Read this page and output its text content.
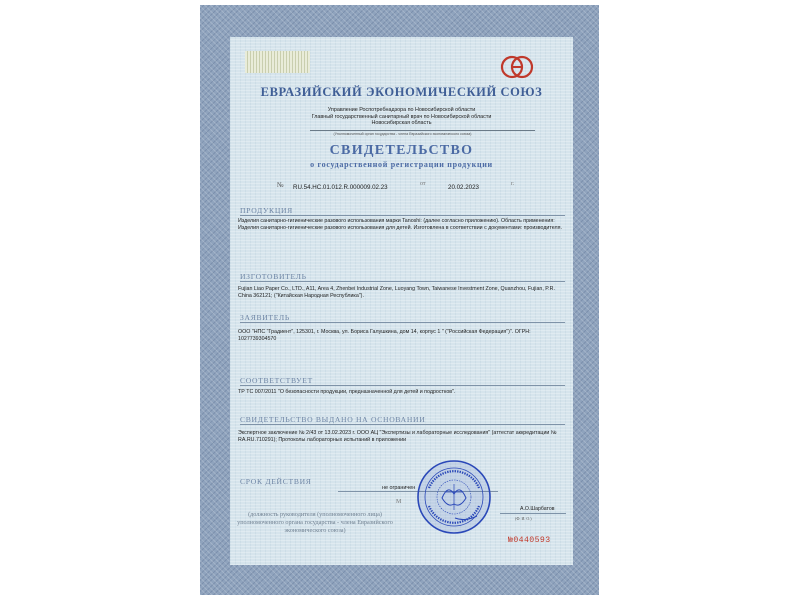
ЕВРАЗИЙСКИЙ ЭКОНОМИЧЕСКИЙ СОЮЗ
Управление Роспотребнадзора по Новосибирской области
Главный государственный санитарный врач по Новосибирской области
Новосибирская область
(Уполномоченный орган государства - члена Евразийского экономического союза)
СВИДЕТЕЛЬСТВО
о государственной регистрации продукции
№ RU.54.НС.01.012.R.000009.02.23	от	20.02.2023	г.
ПРОДУКЦИЯ
Изделия санитарно-гигиенические разового использования марки Tanoshi: (далее согласно приложению). Область применения: Изделия санитарно-гигиенические разового использования для детей. Изготовлена в соответствии с документами: производителя.
ИЗГОТОВИТЕЛЬ
Fujian Liao Paper Co., LTD., A11, Area 4, Zhenbei Industrial Zone, Luoyang Town, Taiwanese Investment Zone, Quanzhou, Fujian, P.R. China 362121; ("Китайская Народная Республика").
ЗАЯВИТЕЛЬ
ООО "НПС "Градиент", 125301, г. Москва, ул. Бориса Галушкина, дом 14, корпус 1 " ("Российская Федерация")". ОГРН: 1027739304570
СООТВЕТСТВУЕТ
ТР ТС 007/2011 "О безопасности продукции, предназначенной для детей и подростков".
СВИДЕТЕЛЬСТВО ВЫДАНО НА ОСНОВАНИИ
Экспертное заключение № 2/43 от 13.02.2023 г. ООО АЦ "Экспертизы и лабораторные исследования" (аттестат аккредитации № RA.RU.710291); Протоколы лабораторных испытаний в приложении
СРОК ДЕЙСТВИЯ
не ограничен
М
(должность руководителя (уполномоченного лица) уполномоченного органа государства - члена Евразийского экономического союза)
А.О.Шарбатов
(Ф. И. О.)
№0440593
